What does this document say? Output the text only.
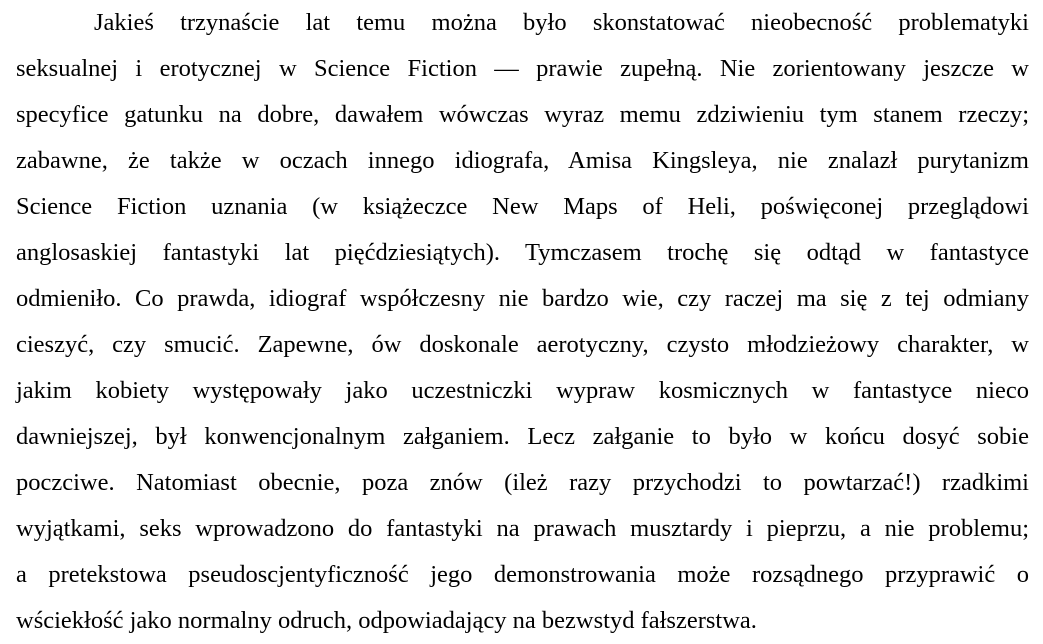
Jakieś trzynaście lat temu można było skonstatować nieobecność problematyki
seksualnej i erotycznej w Science Fiction — prawie zupełną. Nie zorientowany jeszcze w
specyfice gatunku na dobre, dawałem wówczas wyraz memu zdziwieniu tym stanem rzeczy;
zabawne, że także w oczach innego idiografa, Amisa Kingsleya, nie znalazł purytanizm
Science Fiction uznania (w książeczce New Maps of Heli, poświęconej przeglądowi
anglosaskiej fantastyki lat pięćdziesiątych). Tymczasem trochę się odtąd w fantastyce
odmieniło. Co prawda, idiograf współczesny nie bardzo wie, czy raczej ma się z tej odmiany
cieszyć, czy smucić. Zapewne, ów doskonale aerotyczny, czysto młodzieżowy charakter, w
jakim kobiety występowały jako uczestniczki wypraw kosmicznych w fantastyce nieco
dawniejszej, był konwencjonalnym załganiem. Lecz załganie to było w końcu dosyć sobie
poczciwe. Natomiast obecnie, poza znów (ileż razy przychodzi to powtarzać!) rzadkimi
wyjątkami, seks wprowadzono do fantastyki na prawach musztardy i pieprzu, a nie problemu;
a pretekstowa pseudoscjentyficzność jego demonstrowania może rozsądnego przyprawić o
wściekłość jako normalny odruch, odpowiadający na bezwstyd fałszerstwa.
